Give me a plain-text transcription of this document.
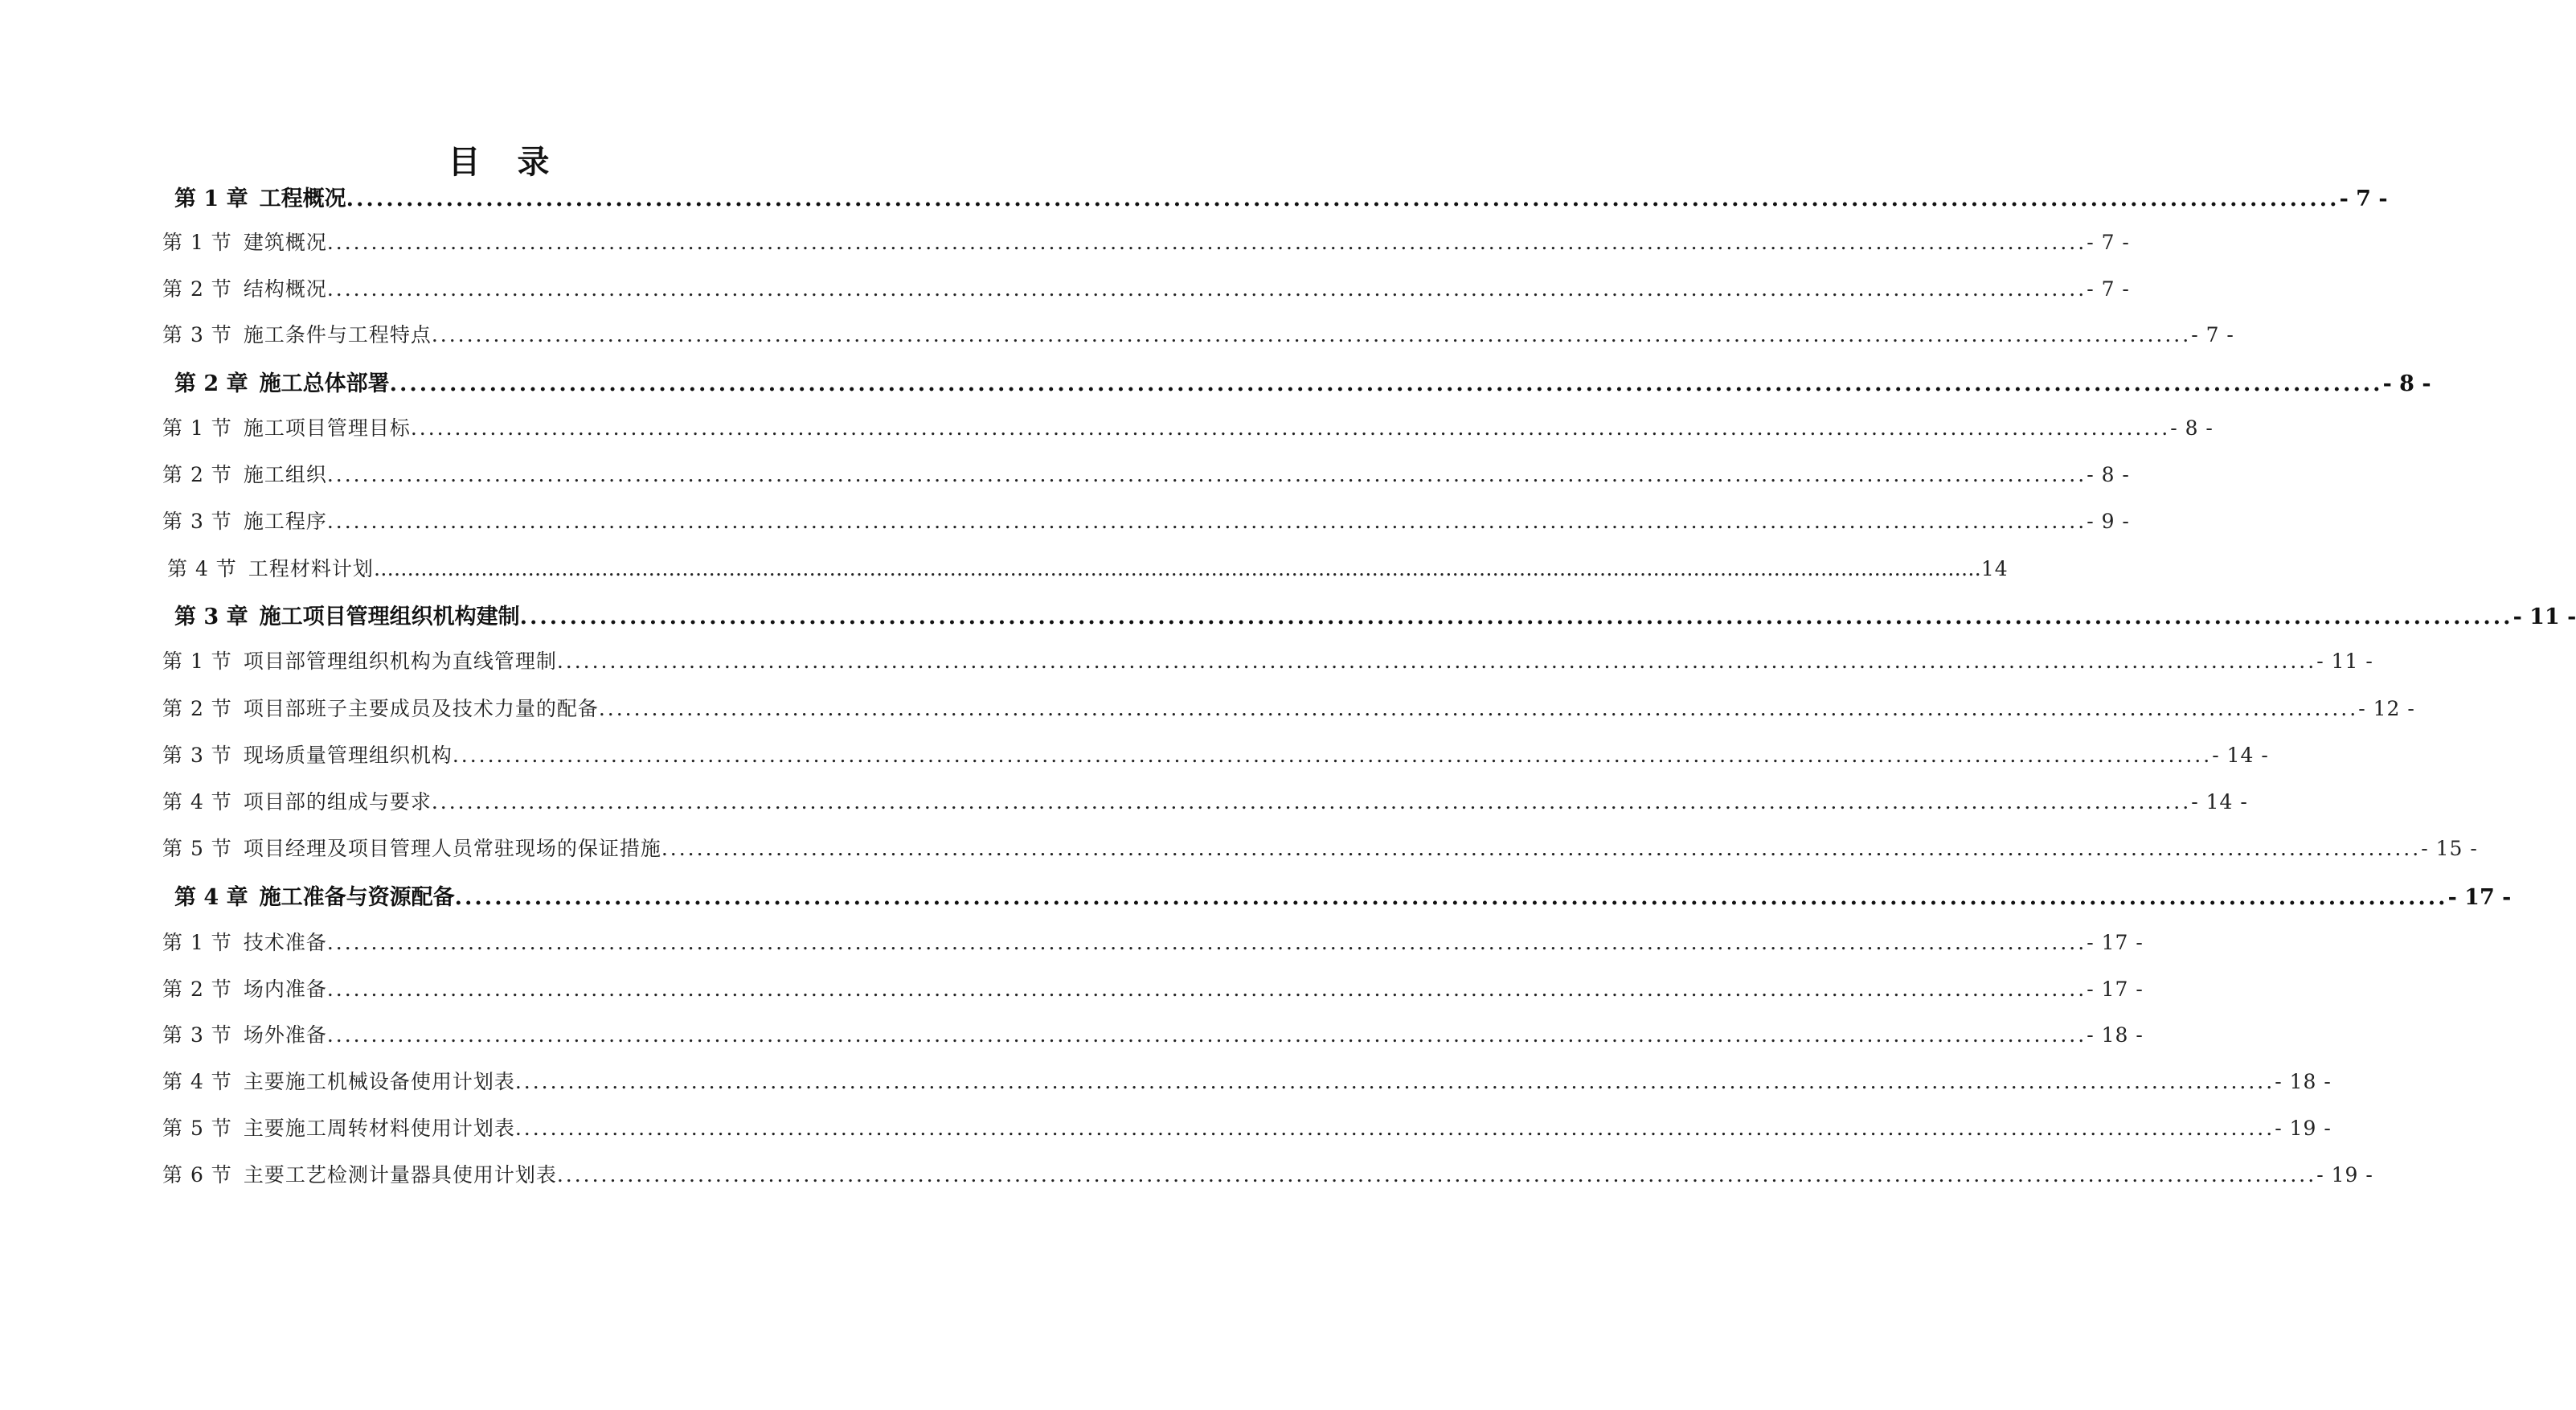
目 录
第 1 章 工程概况 ........................................................................................................................................................................................................ - 7 -
第 1 节 建筑概况 ........................................................................................................................................................................................................ - 7 -
第 2 节 结构概况 ........................................................................................................................................................................................................ - 7 -
第 3 节 施工条件与工程特点 ........................................................................................................................................................................................................ - 7 -
第 2 章 施工总体部署 ........................................................................................................................................................................................................ - 8 -
第 1 节 施工项目管理目标 ........................................................................................................................................................................................................ - 8 -
第 2 节 施工组织 ........................................................................................................................................................................................................ - 8 -
第 3 节 施工程序 ........................................................................................................................................................................................................ - 9 -
第 4 节 工程材料计划 …………………………………………………………………………………………………………………………………………………………………………………………………………………… 14
第 3 章 施工项目管理组织机构建制 ........................................................................................................................................................................................................ - 11 -
第 1 节 项目部管理组织机构为直线管理制 ........................................................................................................................................................................................................ - 11 -
第 2 节 项目部班子主要成员及技术力量的配备 ........................................................................................................................................................................................................ - 12 -
第 3 节 现场质量管理组织机构 ........................................................................................................................................................................................................ - 14 -
第 4 节 项目部的组成与要求 ........................................................................................................................................................................................................ - 14 -
第 5 节 项目经理及项目管理人员常驻现场的保证措施 ........................................................................................................................................................................................................ - 15 -
第 4 章 施工准备与资源配备 ........................................................................................................................................................................................................ - 17 -
第 1 节 技术准备 ........................................................................................................................................................................................................ - 17 -
第 2 节 场内准备 ........................................................................................................................................................................................................ - 17 -
第 3 节 场外准备 ........................................................................................................................................................................................................ - 18 -
第 4 节 主要施工机械设备使用计划表 ........................................................................................................................................................................................................ - 18 -
第 5 节 主要施工周转材料使用计划表 ........................................................................................................................................................................................................ - 19 -
第 6 节 主要工艺检测计量器具使用计划表 ........................................................................................................................................................................................................ - 19 -
